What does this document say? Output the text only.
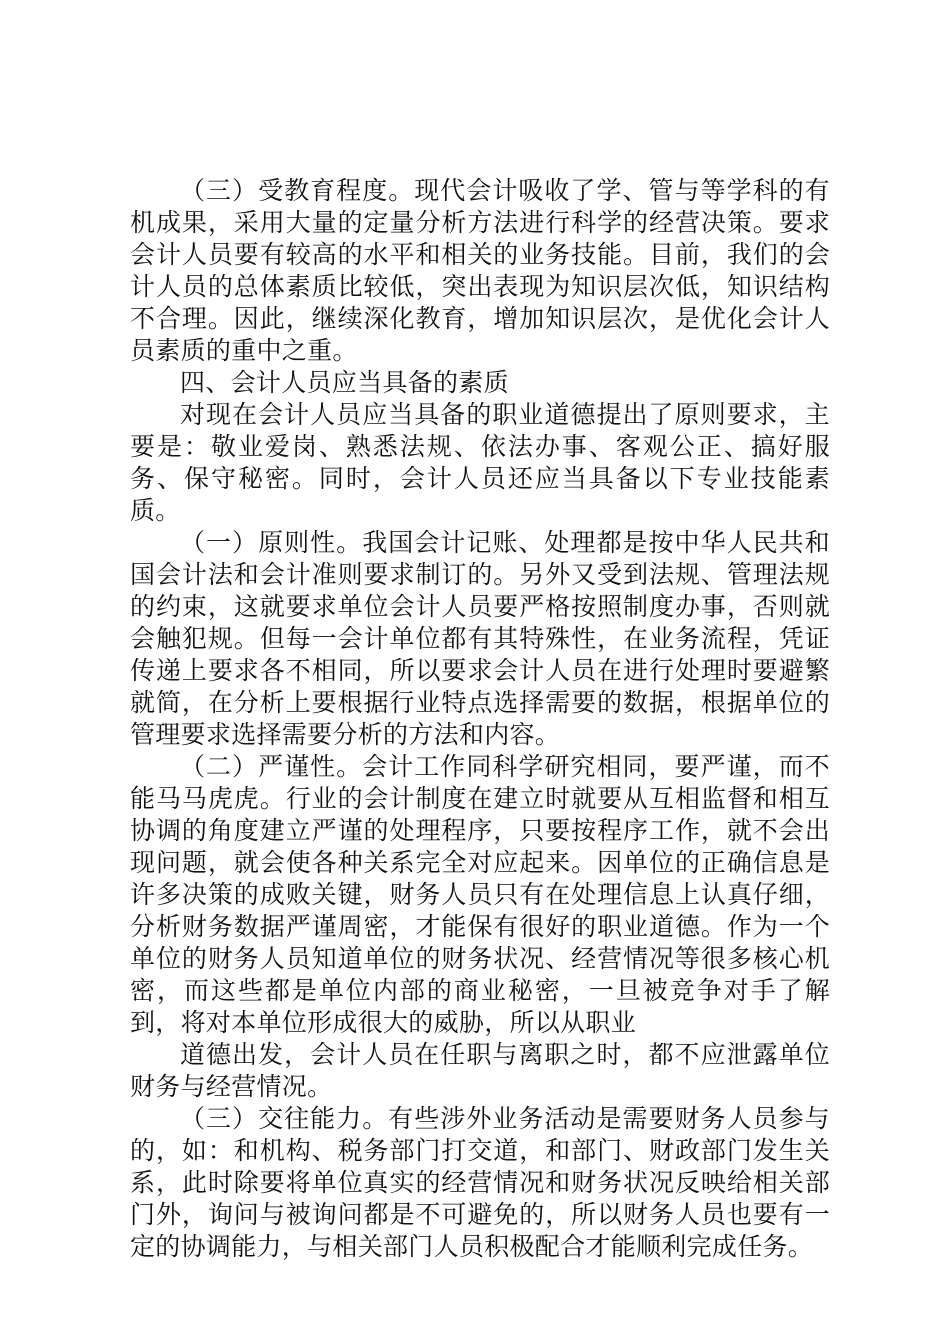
（三）受教育程度。现代会计吸收了学、管与等学科的有机成果，采用大量的定量分析方法进行科学的经营决策。要求会计人员要有较高的水平和相关的业务技能。目前，我们的会计人员的总体素质比较低，突出表现为知识层次低，知识结构不合理。因此，继续深化教育，增加知识层次，是优化会计人员素质的重中之重。

四、会计人员应当具备的素质

对现在会计人员应当具备的职业道德提出了原则要求，主要是：敬业爱岗、熟悉法规、依法办事、客观公正、搞好服务、保守秘密。同时，会计人员还应当具备以下专业技能素质。

（一）原则性。我国会计记账、处理都是按中华人民共和国会计法和会计准则要求制订的。另外又受到法规、管理法规的约束，这就要求单位会计人员要严格按照制度办事，否则就会触犯规。但每一会计单位都有其特殊性，在业务流程，凭证传递上要求各不相同，所以要求会计人员在进行处理时要避繁就简，在分析上要根据行业特点选择需要的数据，根据单位的管理要求选择需要分析的方法和内容。

（二）严谨性。会计工作同科学研究相同，要严谨，而不能马马虎虎。行业的会计制度在建立时就要从互相监督和相互协调的角度建立严谨的处理程序，只要按程序工作，就不会出现问题，就会使各种关系完全对应起来。因单位的正确信息是许多决策的成败关键，财务人员只有在处理信息上认真仔细，分析财务数据严谨周密，才能保有很好的职业道德。作为一个单位的财务人员知道单位的财务状况、经营情况等很多核心机密，而这些都是单位内部的商业秘密，一旦被竞争对手了解到，将对本单位形成很大的威胁，所以从职业

道德出发，会计人员在任职与离职之时，都不应泄露单位财务与经营情况。

（三）交往能力。有些涉外业务活动是需要财务人员参与的，如：和机构、税务部门打交道，和部门、财政部门发生关系，此时除要将单位真实的经营情况和财务状况反映给相关部门外，询问与被询问都是不可避免的，所以财务人员也要有一定的协调能力，与相关部门人员积极配合才能顺利完成任务。
